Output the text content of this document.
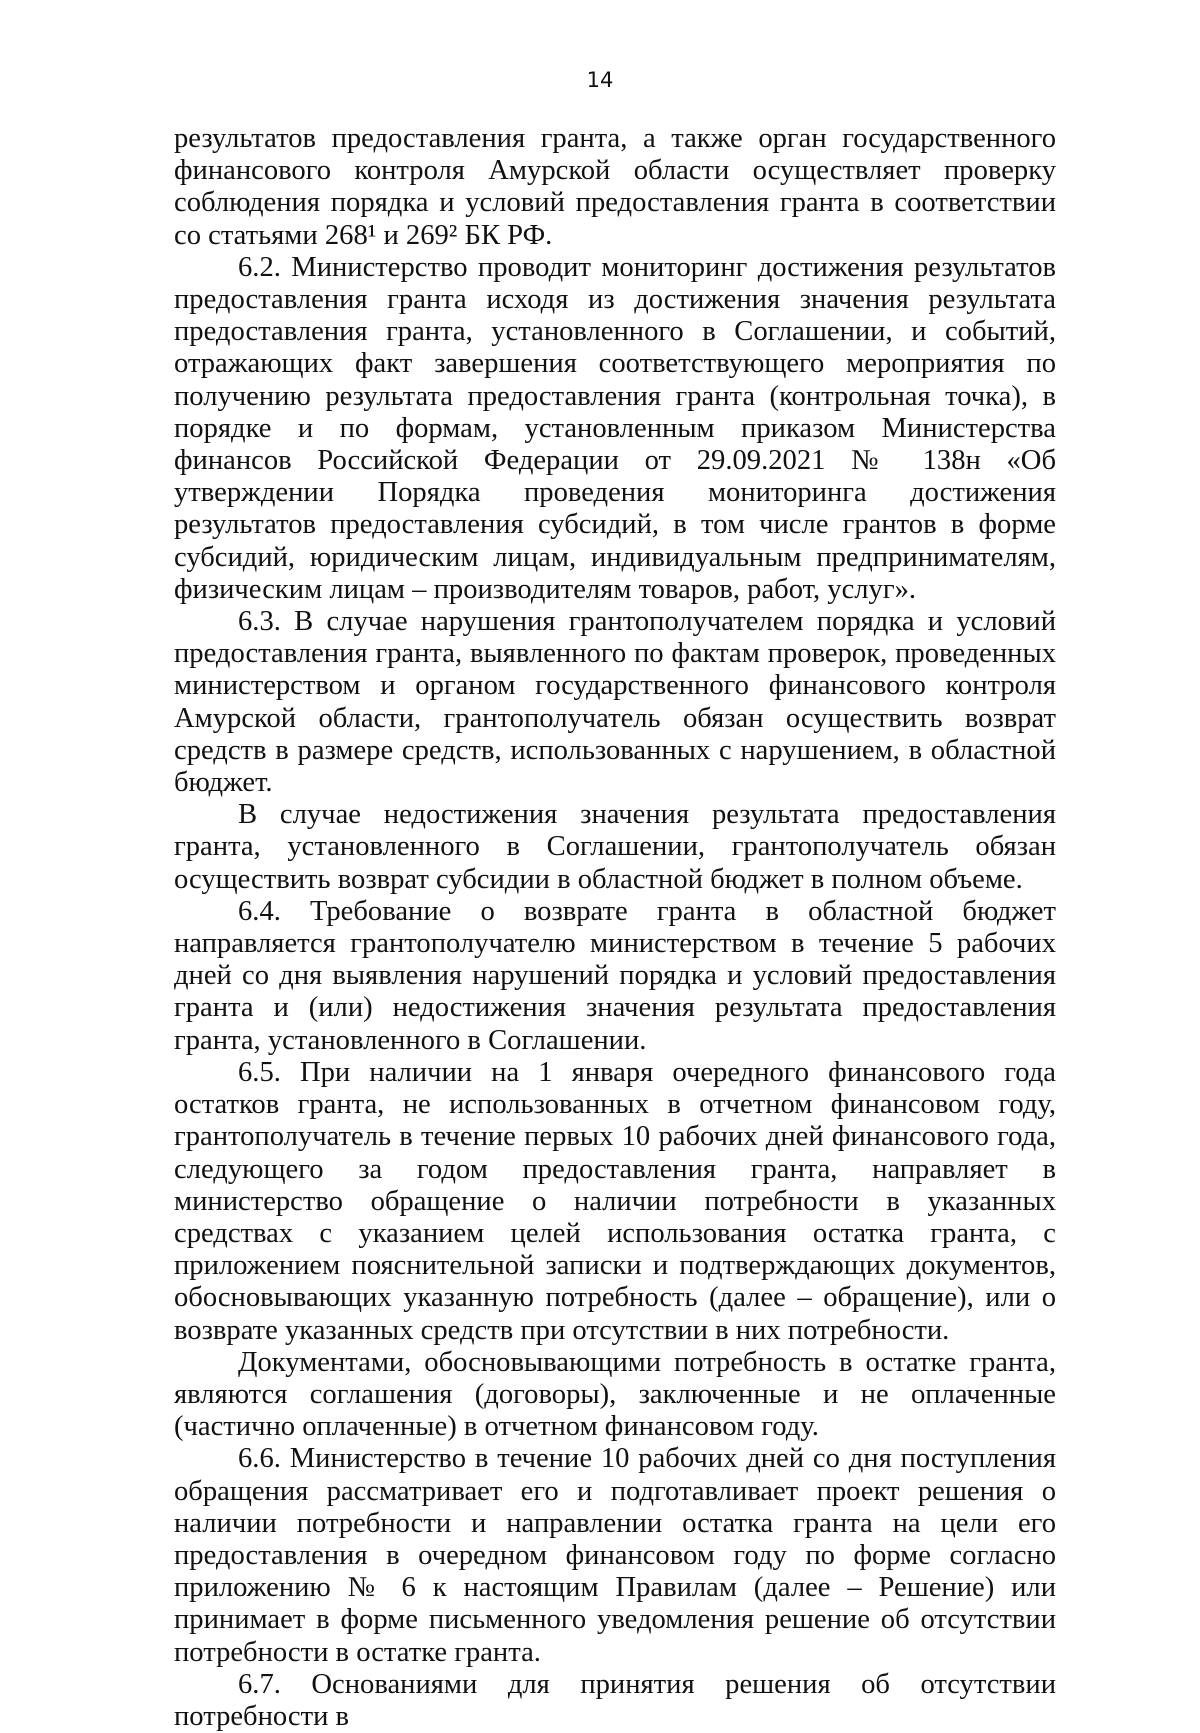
14

результатов предоставления гранта, а также орган государственного финансового контроля Амурской области осуществляет проверку соблюдения порядка и условий предоставления гранта в соответствии со статьями 268¹ и 269² БК РФ.

6.2. Министерство проводит мониторинг достижения результатов предоставления гранта исходя из достижения значения результата предоставления гранта, установленного в Соглашении, и событий, отражающих факт завершения соответствующего мероприятия по получению результата предоставления гранта (контрольная точка), в порядке и по формам, установленным приказом Министерства финансов Российской Федерации от 29.09.2021 № 138н «Об утверждении Порядка проведения мониторинга достижения результатов предоставления субсидий, в том числе грантов в форме субсидий, юридическим лицам, индивидуальным предпринимателям, физическим лицам – производителям товаров, работ, услуг».

6.3. В случае нарушения грантополучателем порядка и условий предоставления гранта, выявленного по фактам проверок, проведенных министерством и органом государственного финансового контроля Амурской области, грантополучатель обязан осуществить возврат средств в размере средств, использованных с нарушением, в областной бюджет.

В случае недостижения значения результата предоставления гранта, установленного в Соглашении, грантополучатель обязан осуществить возврат субсидии в областной бюджет в полном объеме.

6.4. Требование о возврате гранта в областной бюджет направляется грантополучателю министерством в течение 5 рабочих дней со дня выявления нарушений порядка и условий предоставления гранта и (или) недостижения значения результата предоставления гранта, установленного в Соглашении.

6.5. При наличии на 1 января очередного финансового года остатков гранта, не использованных в отчетном финансовом году, грантополучатель в течение первых 10 рабочих дней финансового года, следующего за годом предоставления гранта, направляет в министерство обращение о наличии потребности в указанных средствах с указанием целей использования остатка гранта, с приложением пояснительной записки и подтверждающих документов, обосновывающих указанную потребность (далее – обращение), или о возврате указанных средств при отсутствии в них потребности.

Документами, обосновывающими потребность в остатке гранта, являются соглашения (договоры), заключенные и не оплаченные (частично оплаченные) в отчетном финансовом году.

6.6. Министерство в течение 10 рабочих дней со дня поступления обращения рассматривает его и подготавливает проект решения о наличии потребности и направлении остатка гранта на цели его предоставления в очередном финансовом году по форме согласно приложению № 6 к настоящим Правилам (далее – Решение) или принимает в форме письменного уведомления решение об отсутствии потребности в остатке гранта.

6.7. Основаниями для принятия решения об отсутствии потребности в
